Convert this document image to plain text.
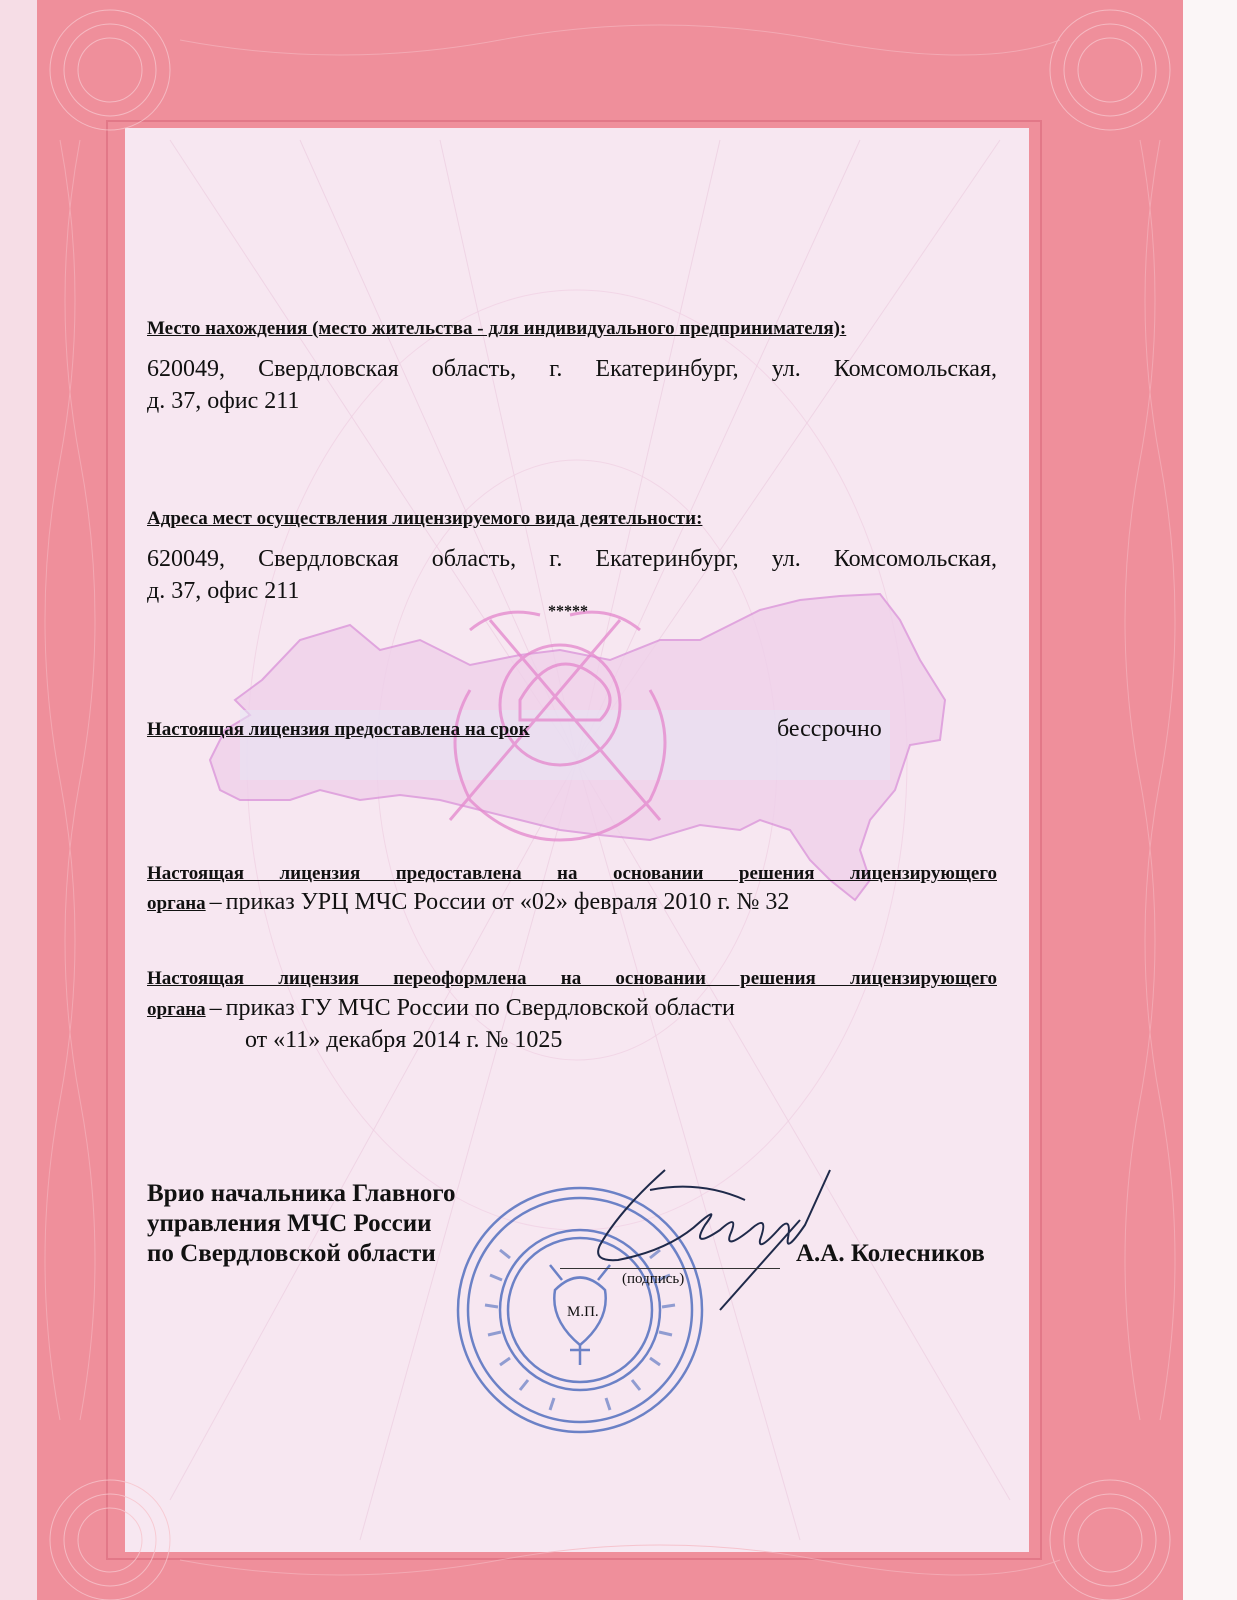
Место нахождения (место жительства - для индивидуального предпринимателя):

620049, Свердловская область, г. Екатеринбург, ул. Комсомольская,

д. 37, офис 211

Адреса мест осуществления лицензируемого вида деятельности:

620049, Свердловская область, г. Екатеринбург, ул. Комсомольская,

д. 37, офис 211

*****

Настоящая лицензия предоставлена на срок	бессрочно

Настоящая лицензия предоставлена на основании решения лицензирующего

органа – приказ УРЦ МЧС России от «02» февраля 2010 г. № 32

Настоящая лицензия переоформлена на основании решения лицензирующего

органа – приказ ГУ МЧС России по Свердловской области

от «11» декабря 2014 г. № 1025

Врио начальника Главного

управления МЧС России

по Свердловской области

(подпись)

М.П.

А.А. Колесников
